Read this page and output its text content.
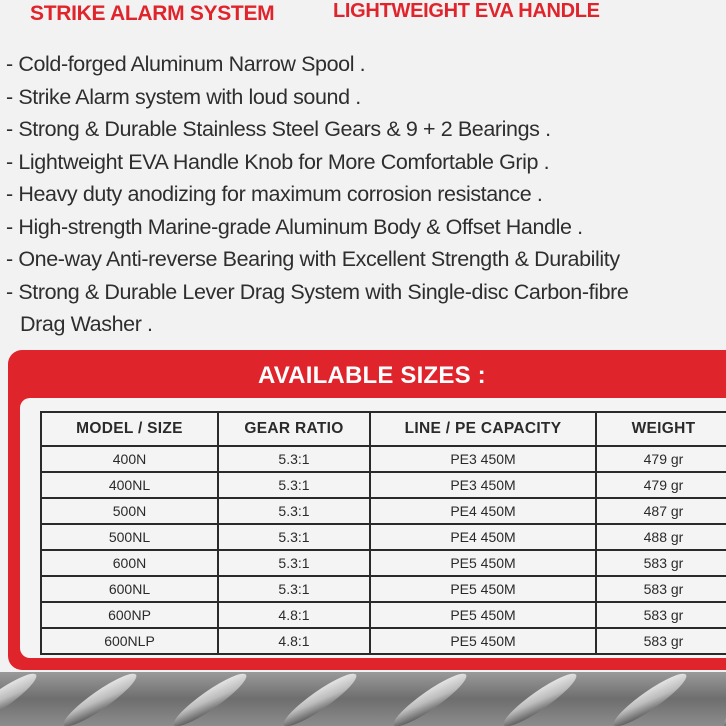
STRIKE ALARM SYSTEM	LIGHTWEIGHT EVA HANDLE
- Cold-forged Aluminum Narrow Spool .
- Strike Alarm system with loud sound .
- Strong & Durable Stainless Steel Gears & 9 + 2 Bearings .
- Lightweight EVA Handle Knob for More Comfortable Grip .
- Heavy duty anodizing for maximum corrosion resistance .
- High-strength Marine-grade Aluminum Body & Offset Handle .
- One-way Anti-reverse Bearing with Excellent Strength & Durability
- Strong & Durable Lever Drag System with Single-disc Carbon-fibre
Drag Washer .
AVAILABLE SIZES :
MODEL / SIZE	GEAR RATIO	LINE / PE CAPACITY	WEIGHT
400N	5.3:1	PE3 450M	479 gr
400NL	5.3:1	PE3 450M	479 gr
500N	5.3:1	PE4 450M	487 gr
500NL	5.3:1	PE4 450M	488 gr
600N	5.3:1	PE5 450M	583 gr
600NL	5.3:1	PE5 450M	583 gr
600NP	4.8:1	PE5 450M	583 gr
600NLP	4.8:1	PE5 450M	583 gr
